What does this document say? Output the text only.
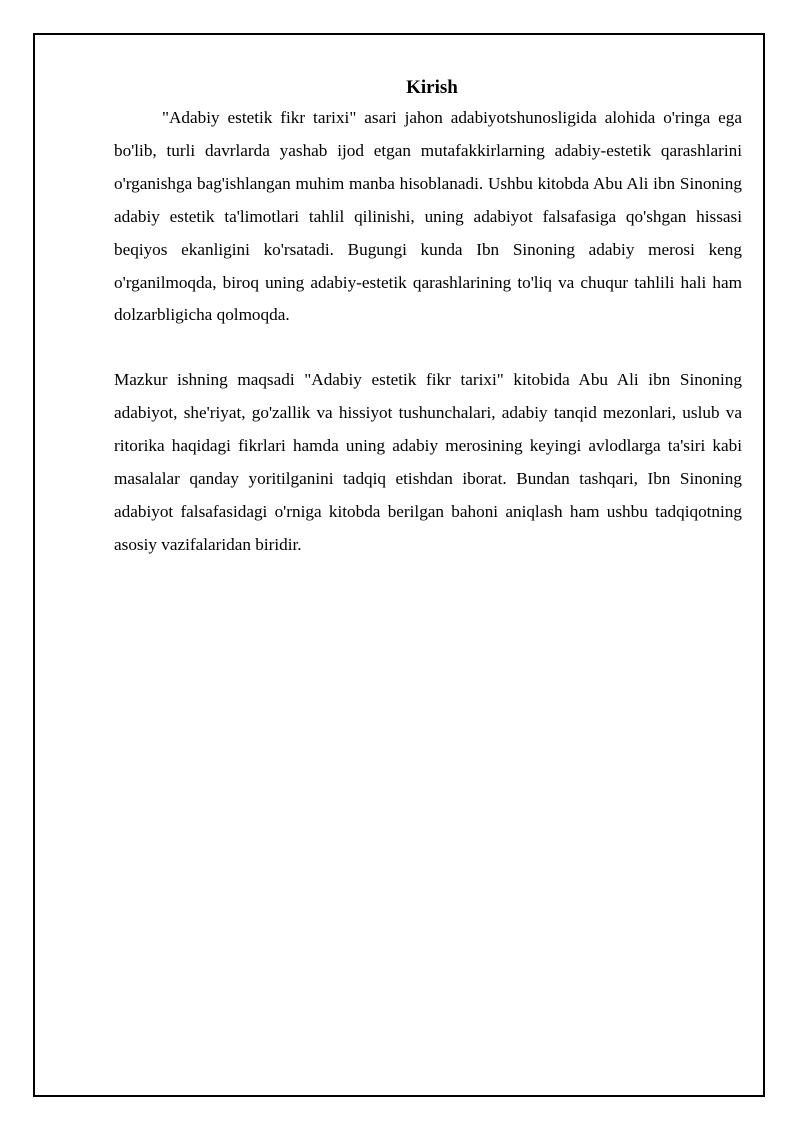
Kirish

"Adabiy estetik fikr tarixi" asari jahon adabiyotshunosligida alohida o'ringa ega bo'lib, turli davrlarda yashab ijod etgan mutafakkirlarning adabiy-estetik qarashlarini o'rganishga bag'ishlangan muhim manba hisoblanadi. Ushbu kitobda Abu Ali ibn Sinoning adabiy estetik ta'limotlari tahlil qilinishi, uning adabiyot falsafasiga qo'shgan hissasi beqiyos ekanligini ko'rsatadi. Bugungi kunda Ibn Sinoning adabiy merosi keng o'rganilmoqda, biroq uning adabiy-estetik qarashlarining to'liq va chuqur tahlili hali ham dolzarbligicha qolmoqda.

Mazkur ishning maqsadi "Adabiy estetik fikr tarixi" kitobida Abu Ali ibn Sinoning adabiyot, she'riyat, go'zallik va hissiyot tushunchalari, adabiy tanqid mezonlari, uslub va ritorika haqidagi fikrlari hamda uning adabiy merosining keyingi avlodlarga ta'siri kabi masalalar qanday yoritilganini tadqiq etishdan iborat. Bundan tashqari, Ibn Sinoning adabiyot falsafasidagi o'rniga kitobda berilgan bahoni aniqlash ham ushbu tadqiqotning asosiy vazifalaridan biridir.
